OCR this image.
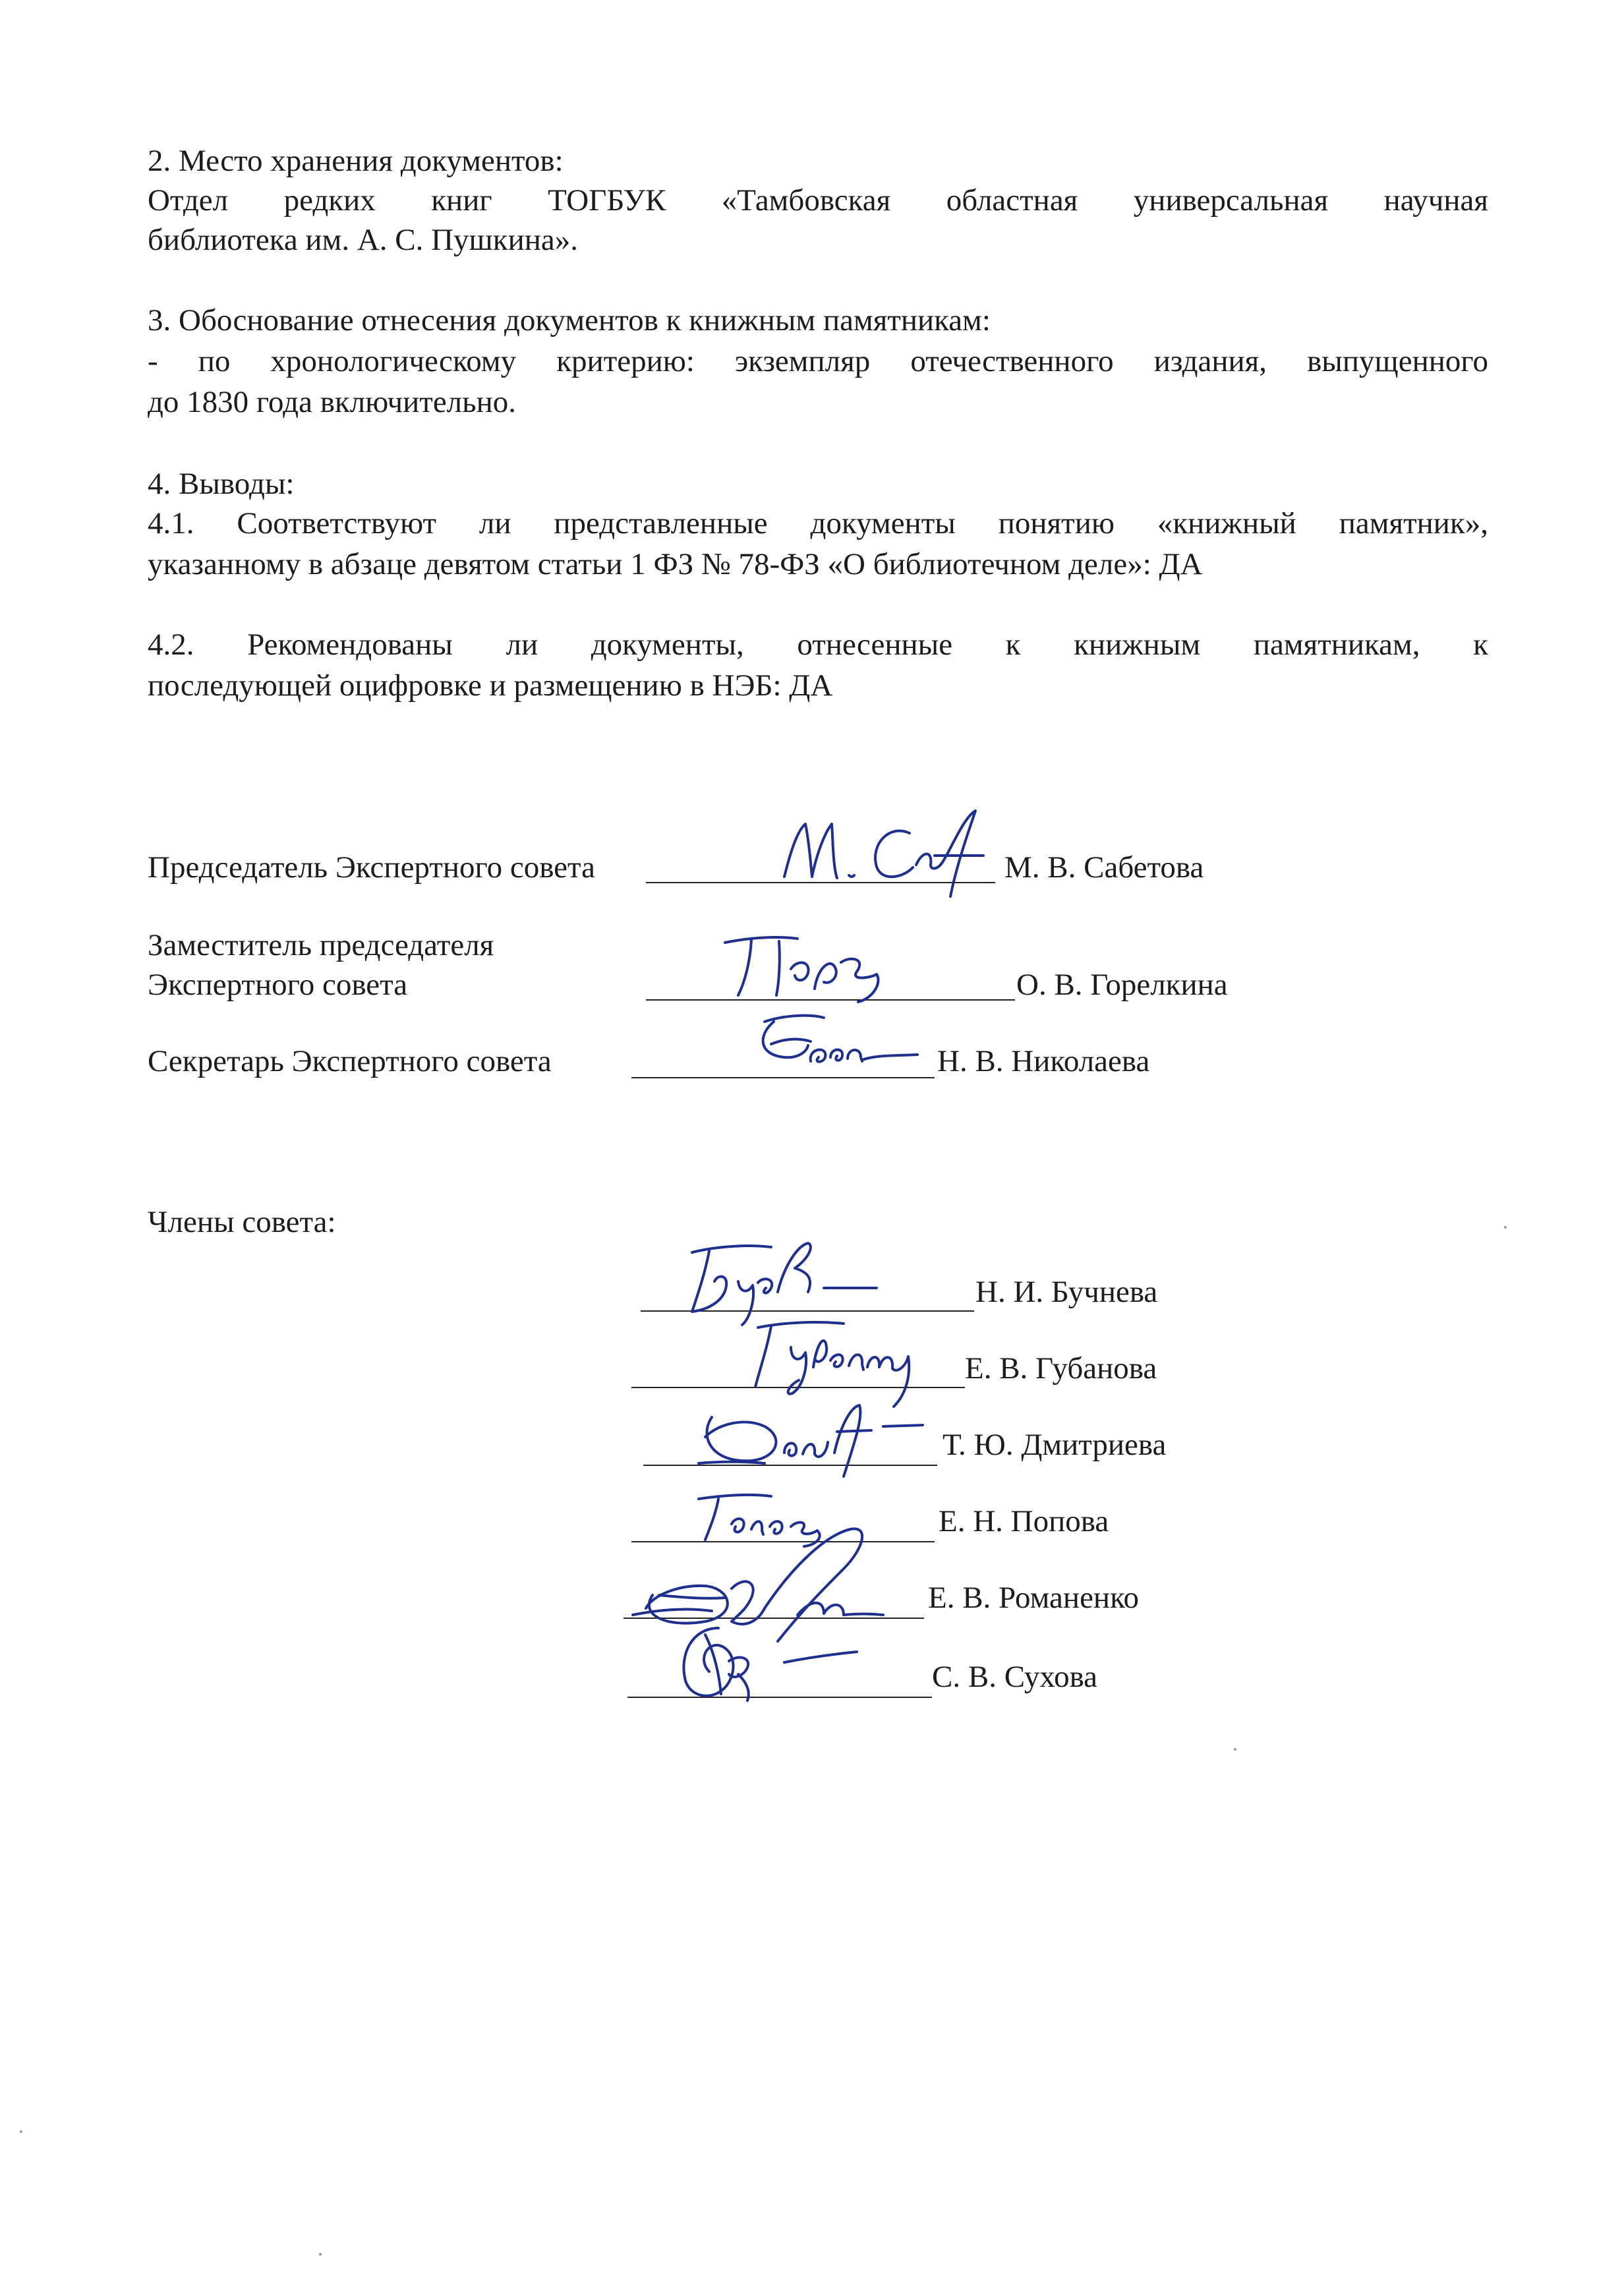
2. Место хранения документов:
Отдел редких книг ТОГБУК «Тамбовская областная универсальная научная
библиотека им. А. С. Пушкина».
3. Обоснование отнесения документов к книжным памятникам:
- по хронологическому критерию: экземпляр отечественного издания, выпущенного
до 1830 года включительно.
4. Выводы:
4.1. Соответствуют ли представленные документы понятию «книжный памятник»,
указанному в абзаце девятом статьи 1 ФЗ № 78-ФЗ «О библиотечном деле»: ДА
4.2. Рекомендованы ли документы, отнесенные к книжным памятникам, к
последующей оцифровке и размещению в НЭБ: ДА
Председатель Экспертного совета	М. В. Сабетова
Заместитель председателя
Экспертного совета	О. В. Горелкина
Секретарь Экспертного совета	Н. В. Николаева
Члены совета:
Н. И. Бучнева
Е. В. Губанова
Т. Ю. Дмитриева
Е. Н. Попова
Е. В. Романенко
С. В. Сухова
